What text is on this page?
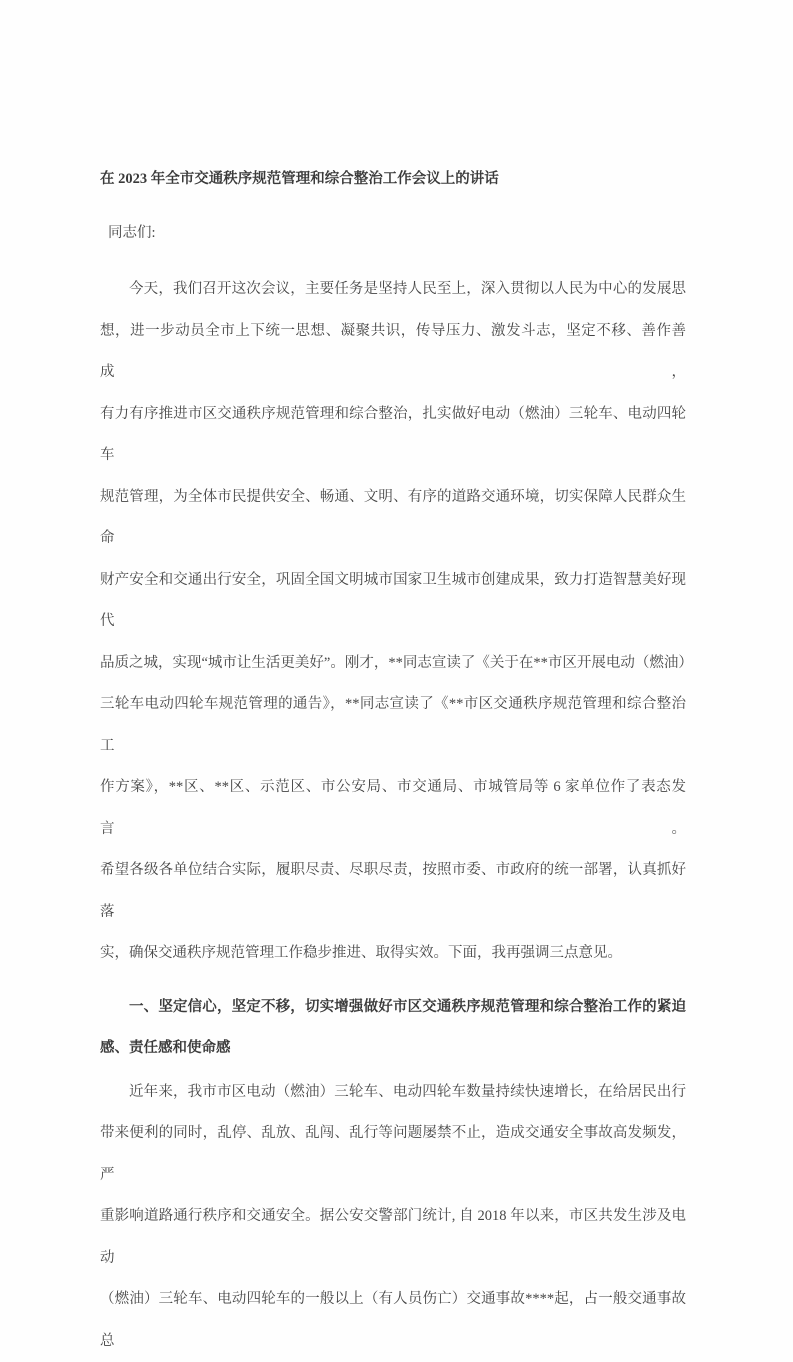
在 2023 年全市交通秩序规范管理和综合整治工作会议上的讲话
同志们:
今天，我们召开这次会议，主要任务是坚持人民至上，深入贯彻以人民为中心的发展思
想，进一步动员全市上下统一思想、凝聚共识，传导压力、激发斗志，坚定不移、善作善成，
有力有序推进市区交通秩序规范管理和综合整治，扎实做好电动（燃油）三轮车、电动四轮车
规范管理，为全体市民提供安全、畅通、文明、有序的道路交通环境，切实保障人民群众生命
财产安全和交通出行安全，巩固全国文明城市国家卫生城市创建成果，致力打造智慧美好现代
品质之城，实现“城市让生活更美好”。刚才，**同志宣读了《关于在**市区开展电动（燃油）
三轮车电动四轮车规范管理的通告》，**同志宣读了《**市区交通秩序规范管理和综合整治工
作方案》，**区、**区、示范区、市公安局、市交通局、市城管局等 6 家单位作了表态发言。
希望各级各单位结合实际，履职尽责、尽职尽责，按照市委、市政府的统一部署，认真抓好落
实，确保交通秩序规范管理工作稳步推进、取得实效。下面，我再强调三点意见。
一、坚定信心，坚定不移，切实增强做好市区交通秩序规范管理和综合整治工作的紧迫
感、责任感和使命感
近年来，我市市区电动（燃油）三轮车、电动四轮车数量持续快速增长，在给居民出行
带来便利的同时，乱停、乱放、乱闯、乱行等问题屡禁不止，造成交通安全事故高发频发，严
重影响道路通行秩序和交通安全。据公安交警部门统计, 自 2018 年以来，市区共发生涉及电动
（燃油）三轮车、电动四轮车的一般以上（有人员伤亡）交通事故****起，占一般交通事故总
